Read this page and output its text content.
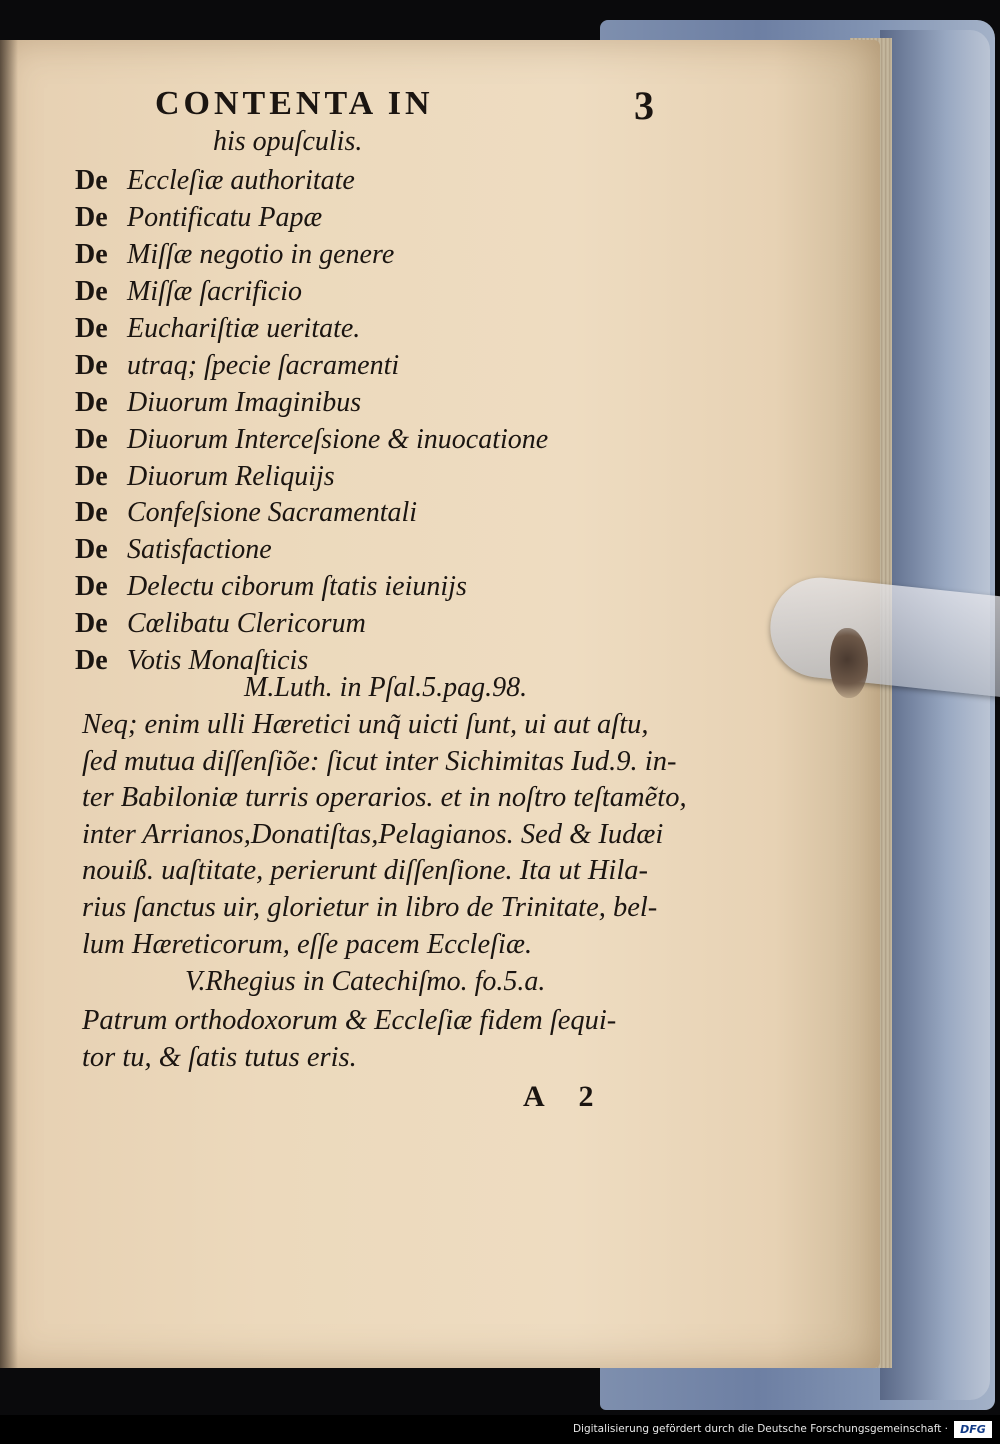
CONTENTA IN	3
his opuſculis.
De Eccleſiæ authoritate
De Pontificatu Papæ
De Miſſæ negotio in genere
De Miſſæ ſacrificio
De Euchariſtiæ ueritate.
De utraq; ſpecie ſacramenti
De Diuorum Imaginibus
De Diuorum Interceſsione & inuocatione
De Diuorum Reliquijs
De Confeſsione Sacramentali
De Satisfactione
De Delectu ciborum ſtatis ieiunijs
De Cœlibatu Clericorum
De Votis Monaſticis
M.Luth. in Pſal.5.pag.98.
Neq; enim ulli Hæretici unq̃ uicti ſunt, ui aut aſtu,
ſed mutua diſſenſiõe: ſicut inter Sichimitas Iud.9. in-
ter Babiloniæ turris operarios. et in noſtro teſtamẽto,
inter Arrianos,Donatiſtas,Pelagianos. Sed & Iudæi
nouiß. uaſtitate, perierunt diſſenſione. Ita ut Hila-
rius ſanctus uir, glorietur in libro de Trinitate, bel-
lum Hæreticorum, eſſe pacem Eccleſiæ.
V.Rhegius in Catechiſmo. fo.5.a.
Patrum orthodoxorum & Eccleſiæ fidem ſequi-
tor tu, & ſatis tutus eris.
A 2
Digitalisierung gefördert durch die Deutsche Forschungsgemeinschaft ·	DFG
